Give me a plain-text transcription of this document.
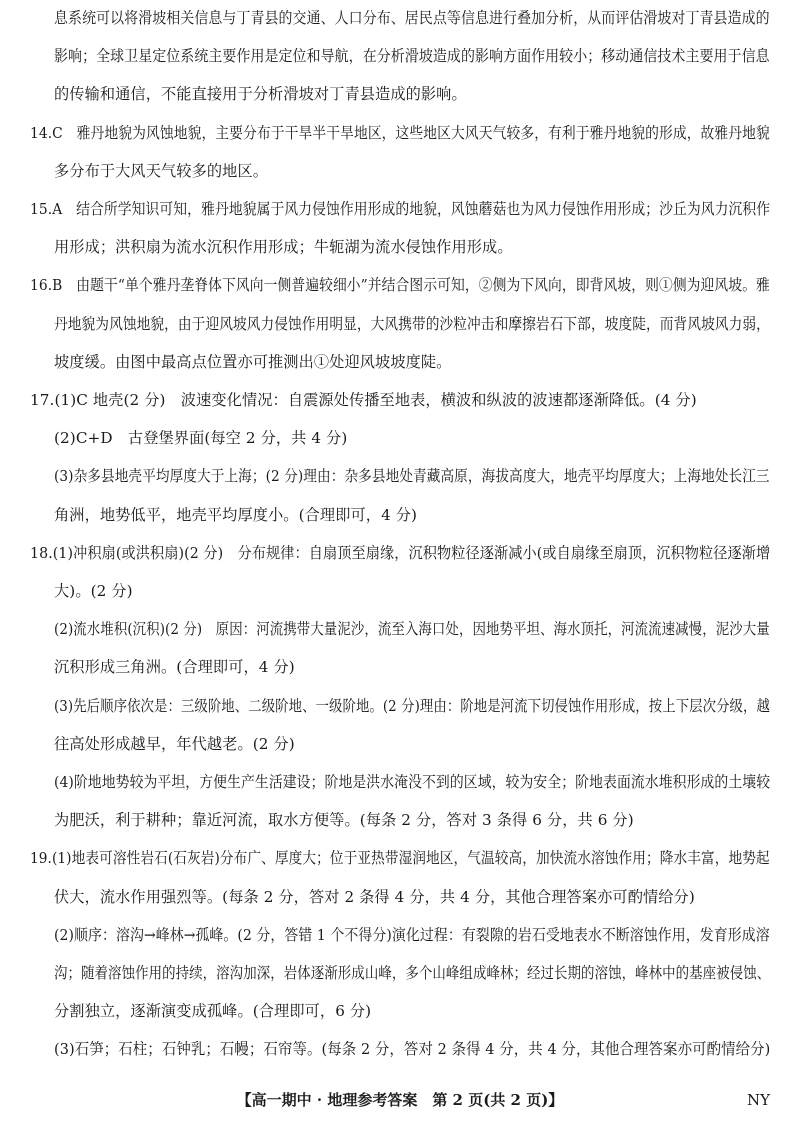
息系统可以将滑坡相关信息与丁青县的交通、人口分布、居民点等信息进行叠加分析，从而评估滑坡对丁青县造成的
影响；全球卫星定位系统主要作用是定位和导航，在分析滑坡造成的影响方面作用较小；移动通信技术主要用于信息
的传输和通信，不能直接用于分析滑坡对丁青县造成的影响。
14.C　雅丹地貌为风蚀地貌，主要分布于干旱半干旱地区，这些地区大风天气较多，有利于雅丹地貌的形成，故雅丹地貌
多分布于大风天气较多的地区。
15.A　结合所学知识可知，雅丹地貌属于风力侵蚀作用形成的地貌，风蚀蘑菇也为风力侵蚀作用形成；沙丘为风力沉积作
用形成；洪积扇为流水沉积作用形成；牛轭湖为流水侵蚀作用形成。
16.B　由题干“单个雅丹垄脊体下风向一侧普遍较细小”并结合图示可知，②侧为下风向，即背风坡，则①侧为迎风坡。雅
丹地貌为风蚀地貌，由于迎风坡风力侵蚀作用明显，大风携带的沙粒冲击和摩擦岩石下部，坡度陡，而背风坡风力弱，
坡度缓。由图中最高点位置亦可推测出①处迎风坡坡度陡。
17.(1)C 地壳(2 分)　波速变化情况：自震源处传播至地表，横波和纵波的波速都逐渐降低。(4 分)
(2)C+D　古登堡界面(每空 2 分，共 4 分)
(3)杂多县地壳平均厚度大于上海；(2 分)理由：杂多县地处青藏高原，海拔高度大，地壳平均厚度大；上海地处长江三
角洲，地势低平，地壳平均厚度小。(合理即可，4 分)
18.(1)冲积扇(或洪积扇)(2 分)　分布规律：自扇顶至扇缘，沉积物粒径逐渐减小(或自扇缘至扇顶，沉积物粒径逐渐增
大)。(2 分)
(2)流水堆积(沉积)(2 分)　原因：河流携带大量泥沙，流至入海口处，因地势平坦、海水顶托，河流流速减慢，泥沙大量
沉积形成三角洲。(合理即可，4 分)
(3)先后顺序依次是：三级阶地、二级阶地、一级阶地。(2 分)理由：阶地是河流下切侵蚀作用形成，按上下层次分级，越
往高处形成越早，年代越老。(2 分)
(4)阶地地势较为平坦，方便生产生活建设；阶地是洪水淹没不到的区域，较为安全；阶地表面流水堆积形成的土壤较
为肥沃，利于耕种；靠近河流，取水方便等。(每条 2 分，答对 3 条得 6 分，共 6 分)
19.(1)地表可溶性岩石(石灰岩)分布广、厚度大；位于亚热带湿润地区，气温较高，加快流水溶蚀作用；降水丰富，地势起
伏大，流水作用强烈等。(每条 2 分，答对 2 条得 4 分，共 4 分，其他合理答案亦可酌情给分)
(2)顺序：溶沟→峰林→孤峰。(2 分，答错 1 个不得分)演化过程：有裂隙的岩石受地表水不断溶蚀作用，发育形成溶
沟；随着溶蚀作用的持续，溶沟加深，岩体逐渐形成山峰，多个山峰组成峰林；经过长期的溶蚀，峰林中的基座被侵蚀、
分割独立，逐渐演变成孤峰。(合理即可，6 分)
(3)石笋；石柱；石钟乳；石幔；石帘等。(每条 2 分，答对 2 条得 4 分，共 4 分，其他合理答案亦可酌情给分)
【高一期中 · 地理参考答案　第 2 页(共 2 页)】	NY
